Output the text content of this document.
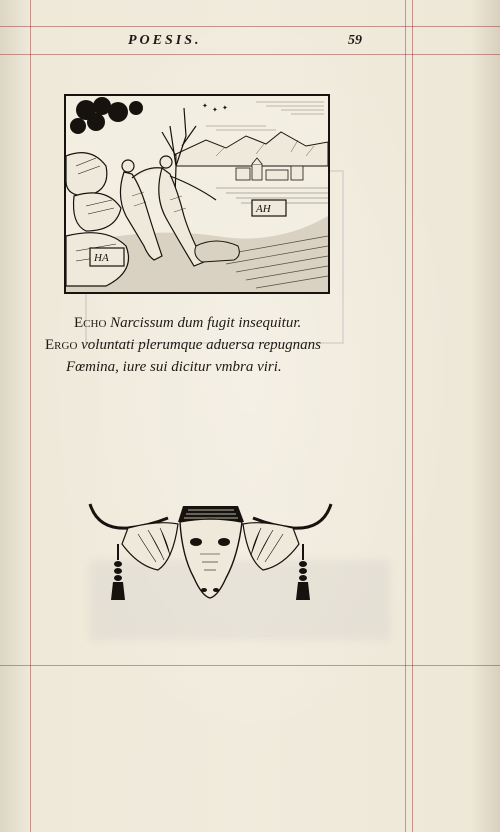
POESIS.	59
✦ ✦ ✦
HA
AH
Echo Narcissum dum fugit insequitur.
Ergo voluntati plerumque aduersa repugnans
Fœmina, iure sui dicitur vmbra viri.
